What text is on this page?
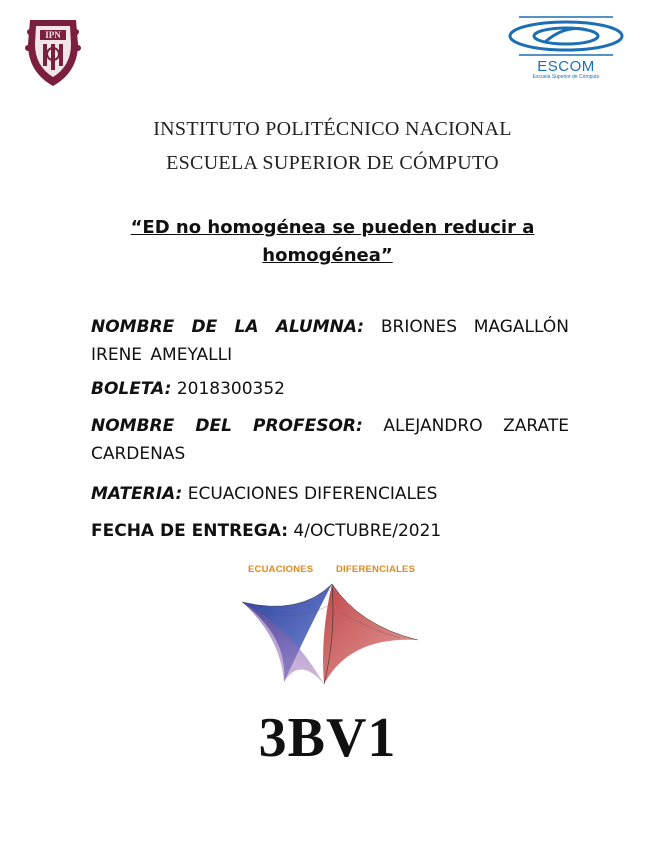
IPN
ESCOM
Escuela Superior de Cómputo
INSTITUTO POLITÉCNICO NACIONAL
ESCUELA SUPERIOR DE CÓMPUTO
“ED no homogénea se pueden reducir a
homogénea”
NOMBRE DE LA ALUMNA: BRIONES MAGALLÓN IRENE AMEYALLI
BOLETA: 2018300352
NOMBRE DEL PROFESOR: ALEJANDRO ZARATE CARDENAS
MATERIA: ECUACIONES DIFERENCIALES
FECHA DE ENTREGA: 4/OCTUBRE/2021
ECUACIONES DIFERENCIALES
3BV1
